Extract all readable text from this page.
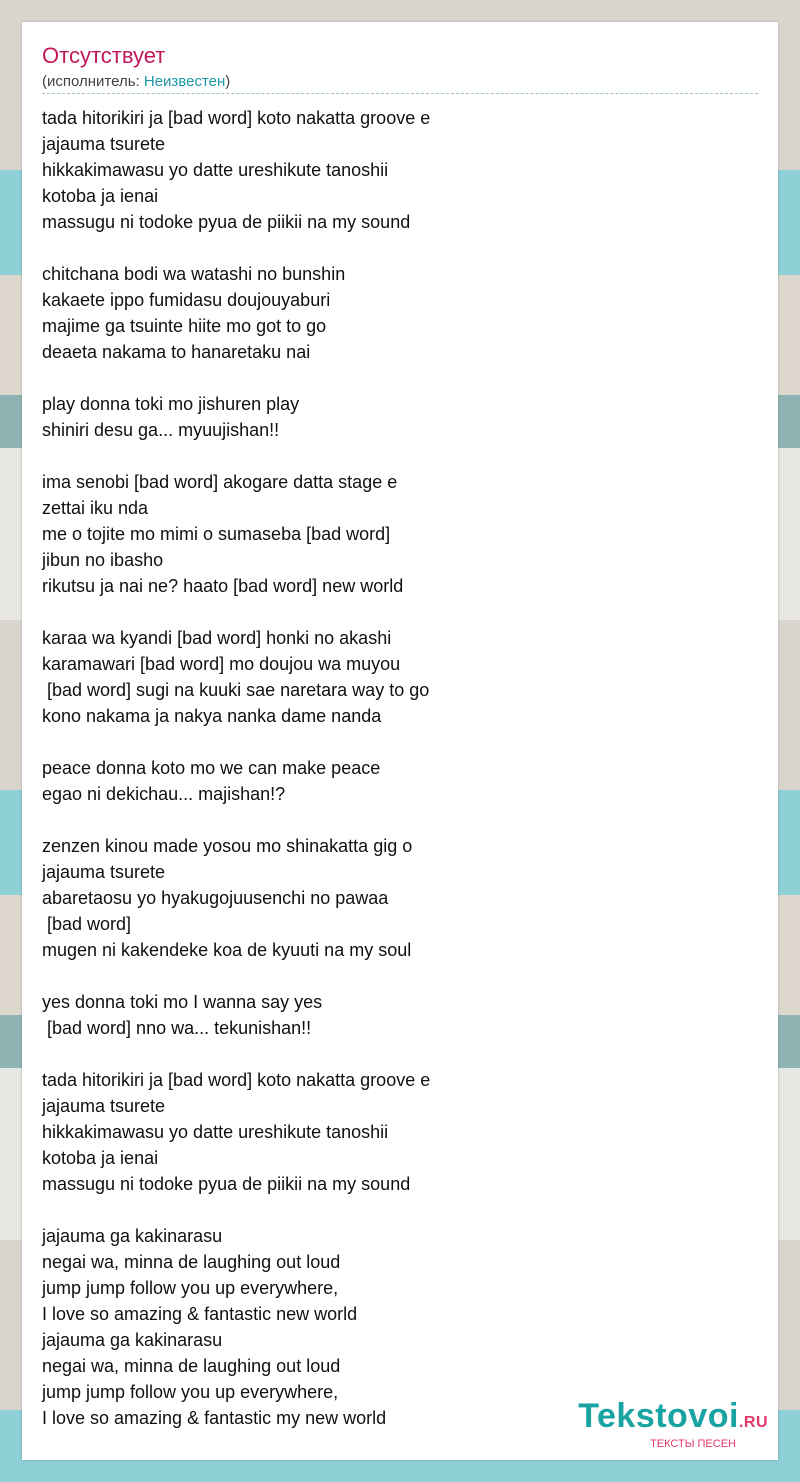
Отсутствует
(исполнитель: Неизвестен)
tada hitorikiri ja [bad word] koto nakatta groove e
jajauma tsurete
hikkakimawasu yo datte ureshikute tanoshii
kotoba ja ienai
massugu ni todoke pyua de piikii na my sound
chitchana bodi wa watashi no bunshin
kakaete ippo fumidasu doujouyaburi
majime ga tsuinte hiite mo got to go
deaeta nakama to hanaretaku nai
play donna toki mo jishuren play
shiniri desu ga... myuujishan!!
ima senobi [bad word] akogare datta stage e
zettai iku nda
me o tojite mo mimi o sumaseba [bad word]
jibun no ibasho
rikutsu ja nai ne? haato [bad word] new world
karaa wa kyandi [bad word] honki no akashi
karamawari [bad word] mo doujou wa muyou
[bad word] sugi na kuuki sae naretara way to go
kono nakama ja nakya nanka dame nanda
peace donna koto mo we can make peace
egao ni dekichau... majishan!?
zenzen kinou made yosou mo shinakatta gig o
jajauma tsurete
abaretaosu yo hyakugojuusenchi no pawaa
[bad word]
mugen ni kakendeke koa de kyuuti na my soul
yes donna toki mo I wanna say yes
[bad word] nno wa... tekunishan!!
tada hitorikiri ja [bad word] koto nakatta groove e
jajauma tsurete
hikkakimawasu yo datte ureshikute tanoshii
kotoba ja ienai
massugu ni todoke pyua de piikii na my sound
jajauma ga kakinarasu
negai wa, minna de laughing out loud
jump jump follow you up everywhere,
I love so amazing & fantastic new world
jajauma ga kakinarasu
negai wa, minna de laughing out loud
jump jump follow you up everywhere,
I love so amazing & fantastic my new world	Tekstovoi.RU
ТЕКСТЫ ПЕСЕН
